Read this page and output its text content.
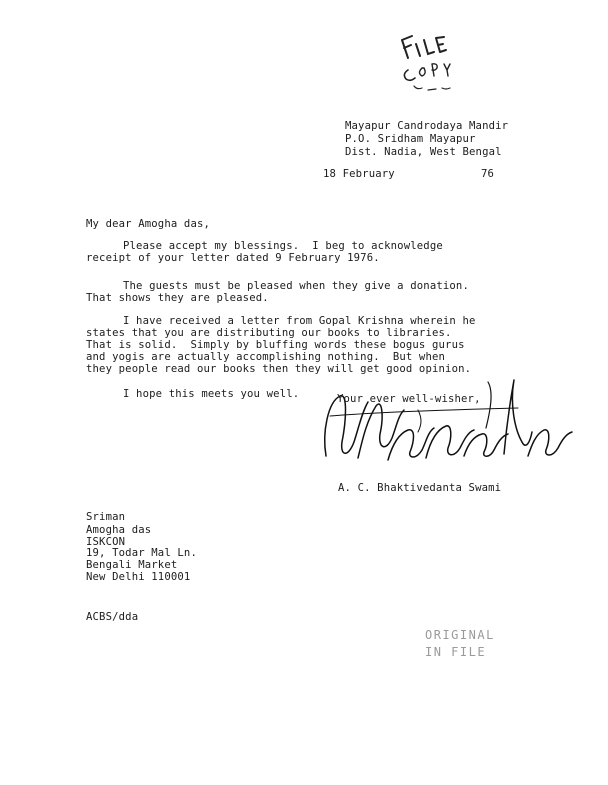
Mayapur Candrodaya Mandir
P.O. Sridham Mayapur
Dist. Nadia, West Bengal
18 February	76
My dear Amogha das,
Please accept my blessings.  I beg to acknowledge
receipt of your letter dated 9 February 1976.
The guests must be pleased when they give a donation.
That shows they are pleased.
I have received a letter from Gopal Krishna wherein he
states that you are distributing our books to libraries.
That is solid.  Simply by bluffing words these bogus gurus
and yogis are actually accomplishing nothing.  But when
they people read our books then they will get good opinion.
I hope this meets you well.	Your ever well-wisher,
A. C. Bhaktivedanta Swami
Sriman
Amogha das
ISKCON
19, Todar Mal Ln.
Bengali Market
New Delhi 110001
ACBS/dda
ORIGINAL
IN FILE
